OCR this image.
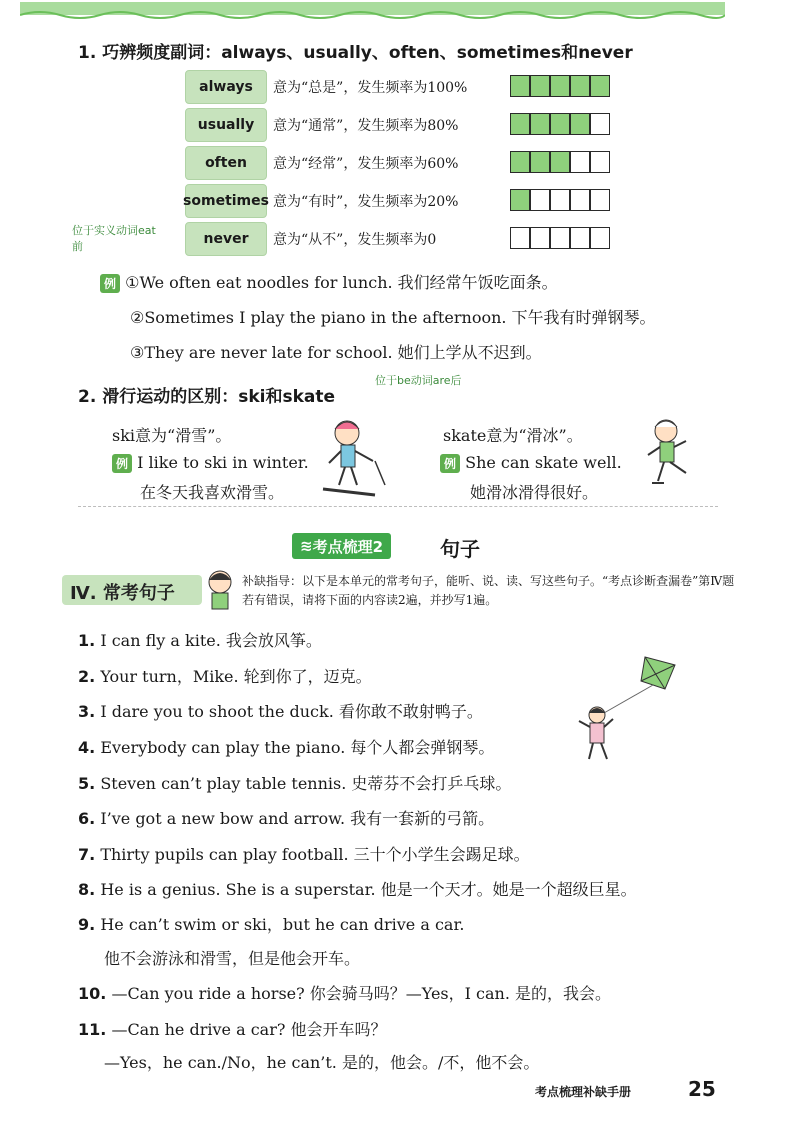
1. 巧辨频度副词：always、usually、often、sometimes和never
always	意为“总是”，发生频率为100%
usually	意为“通常”，发生频率为80%
often	意为“经常”，发生频率为60%
sometimes 意为“有时”，发生频率为20%
never	意为“从不”，发生频率为0
位于实义动词eat前
例 ①We often eat noodles for lunch. 我们经常午饭吃面条。
②Sometimes I play the piano in the afternoon. 下午我有时弹钢琴。
③They are never late for school. 她们上学从不迟到。
位于be动词are后
2. 滑行运动的区别：ski和skate
ski意为“滑雪”。
例 I like to ski in winter.
在冬天我喜欢滑雪。
skate意为“滑冰”。
例 She can skate well.
她滑冰滑得很好。
≋ 考点梳理2	句子
Ⅳ. 常考句子
补缺指导：以下是本单元的常考句子，能听、说、读、写这些句子。“考点诊断查漏卷”第Ⅳ题若有错误，请将下面的内容读2遍，并抄写1遍。
1. I can fly a kite. 我会放风筝。
2. Your turn，Mike. 轮到你了，迈克。
3. I dare you to shoot the duck. 看你敢不敢射鸭子。
4. Everybody can play the piano. 每个人都会弹钢琴。
5. Steven can’t play table tennis. 史蒂芬不会打乒乓球。
6. I’ve got a new bow and arrow. 我有一套新的弓箭。
7. Thirty pupils can play football. 三十个小学生会踢足球。
8. He is a genius. She is a superstar. 他是一个天才。她是一个超级巨星。
9. He can’t swim or ski，but he can drive a car.
他不会游泳和滑雪，但是他会开车。
10. —Can you ride a horse? 你会骑马吗？—Yes，I can. 是的，我会。
11. —Can he drive a car? 他会开车吗？
—Yes，he can./No，he can’t. 是的，他会。/不，他不会。
考点梳理补缺手册	25
